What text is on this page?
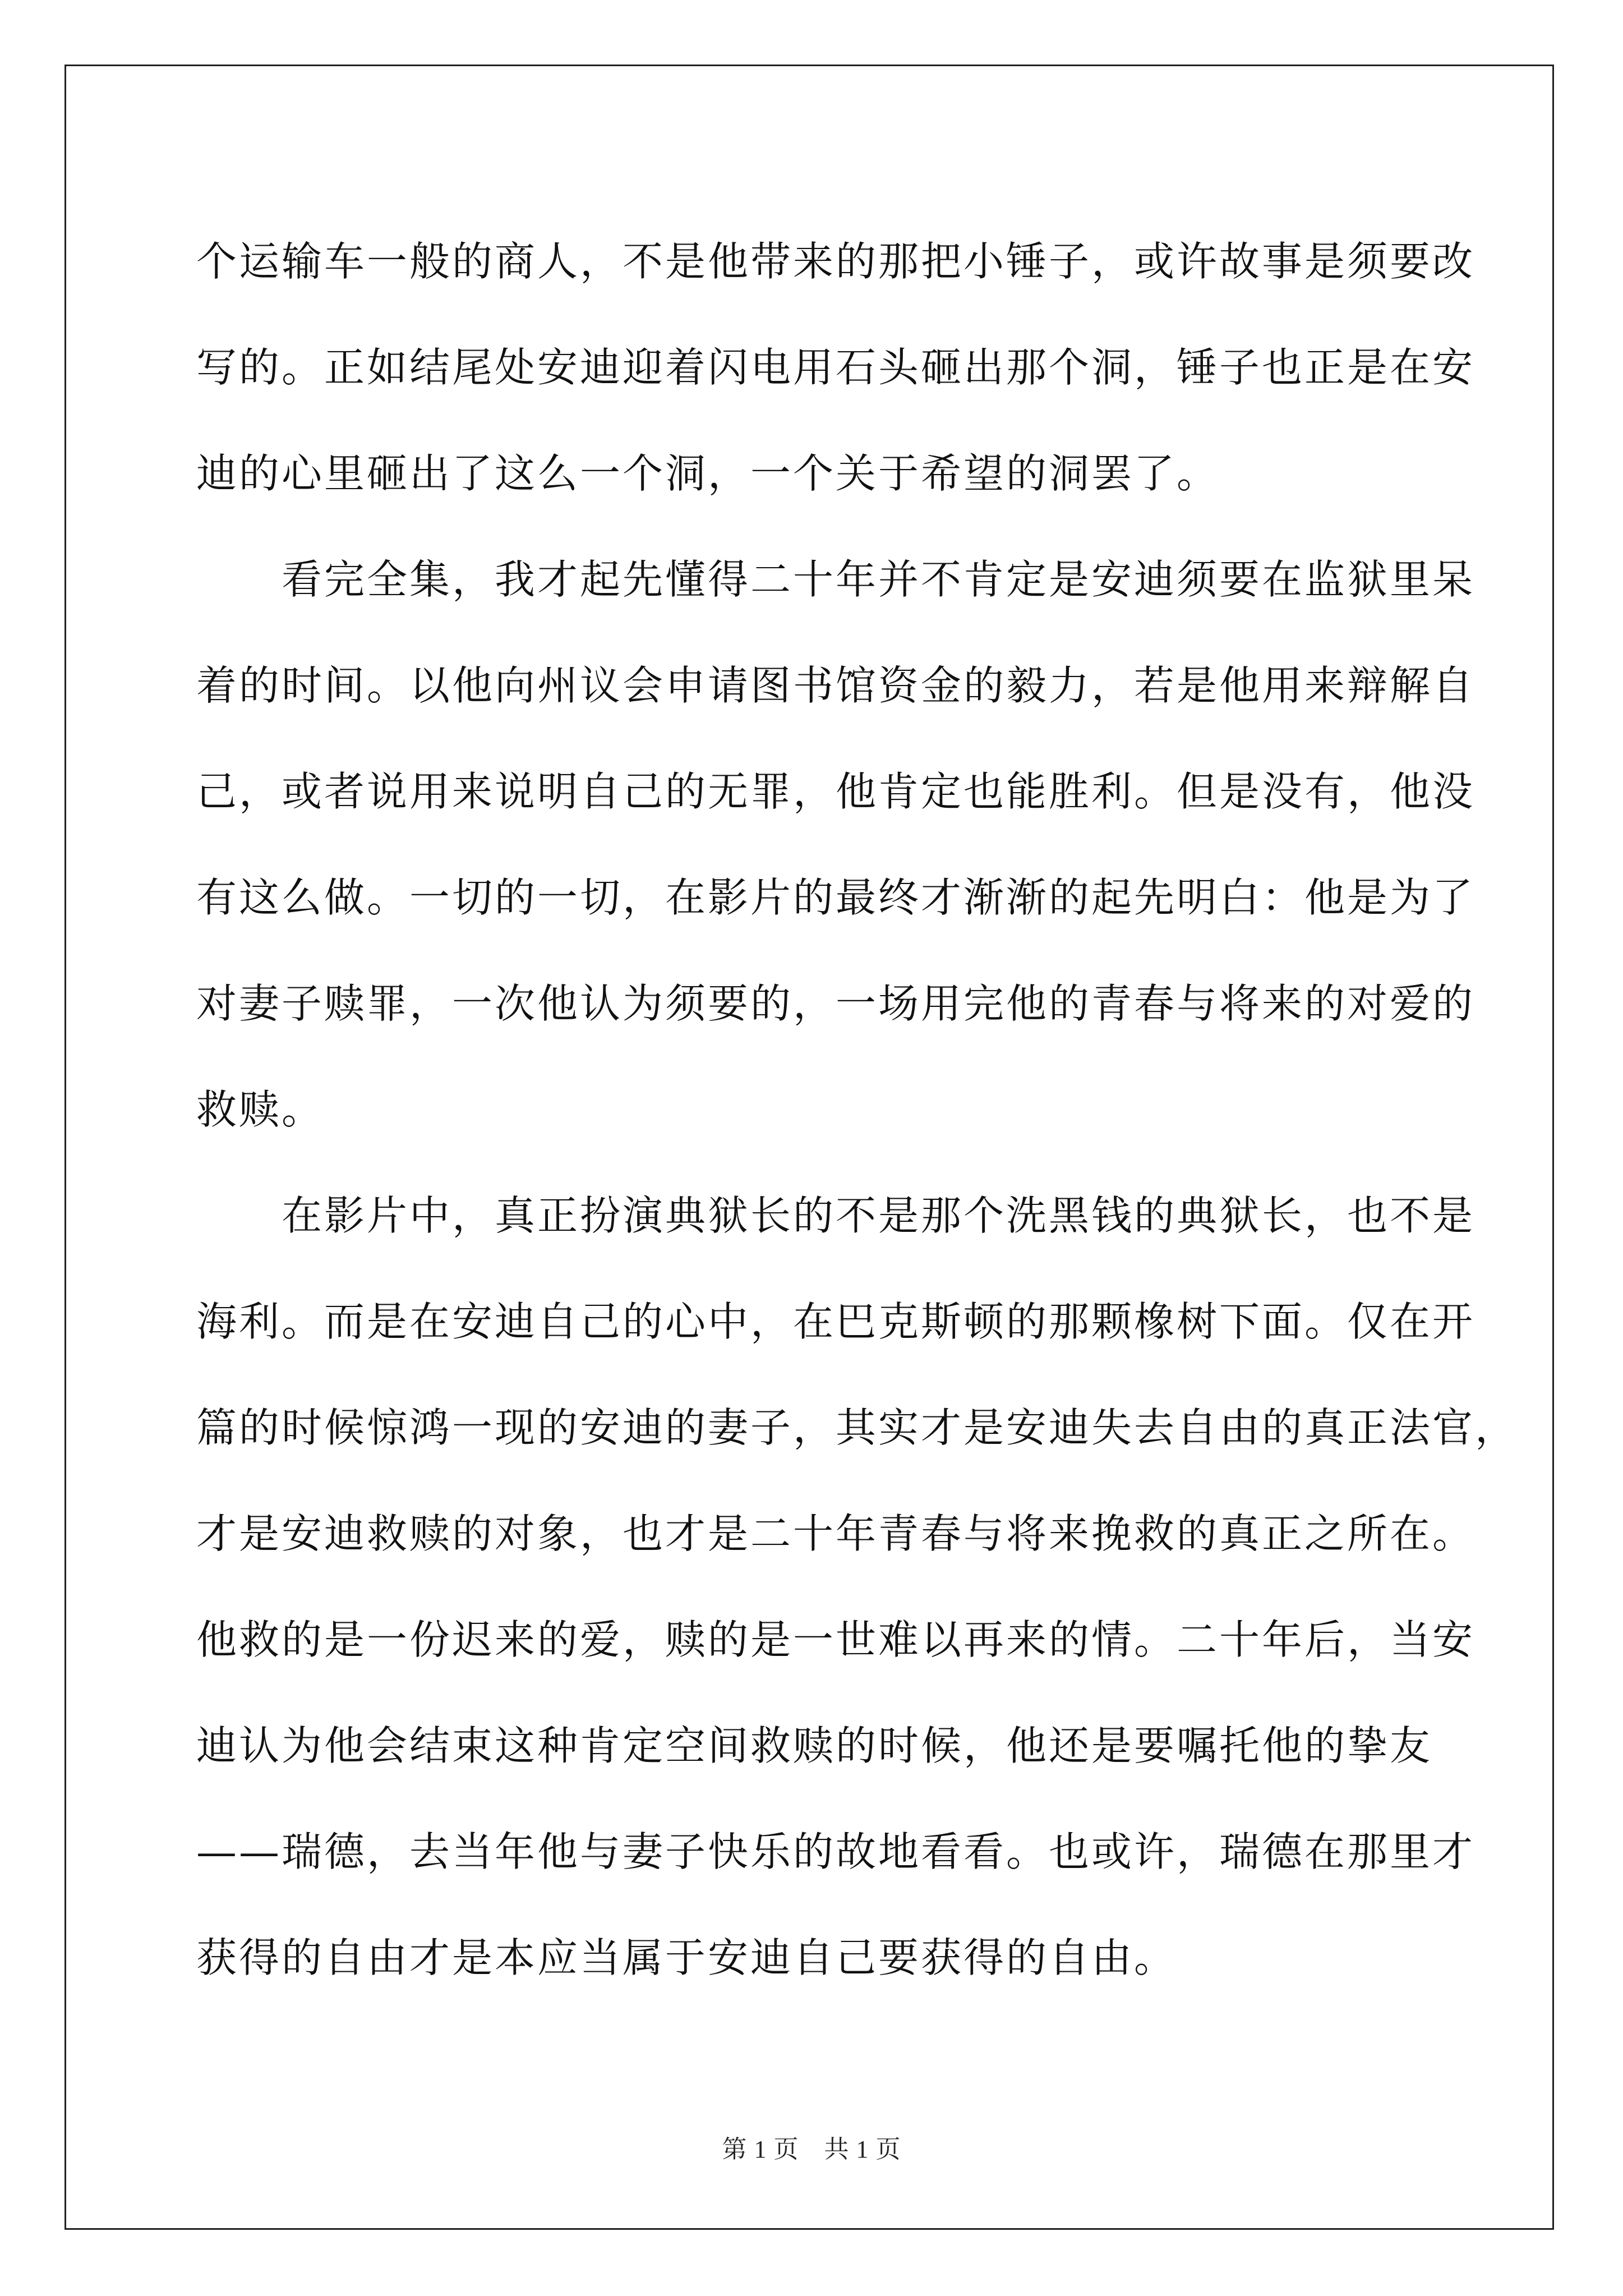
个运输车一般的商人，不是他带来的那把小锤子，或许故事是须要改
写的。正如结尾处安迪迎着闪电用石头砸出那个洞，锤子也正是在安
迪的心里砸出了这么一个洞，一个关于希望的洞罢了。
　　看完全集，我才起先懂得二十年并不肯定是安迪须要在监狱里呆
着的时间。以他向州议会申请图书馆资金的毅力，若是他用来辩解自
己，或者说用来说明自己的无罪，他肯定也能胜利。但是没有，他没
有这么做。一切的一切，在影片的最终才渐渐的起先明白：他是为了
对妻子赎罪，一次他认为须要的，一场用完他的青春与将来的对爱的
救赎。
　　在影片中，真正扮演典狱长的不是那个洗黑钱的典狱长，也不是
海利。而是在安迪自己的心中，在巴克斯顿的那颗橡树下面。仅在开
篇的时候惊鸿一现的安迪的妻子，其实才是安迪失去自由的真正法官，
才是安迪救赎的对象，也才是二十年青春与将来挽救的真正之所在。
他救的是一份迟来的爱，赎的是一世难以再来的情。二十年后，当安
迪认为他会结束这种肯定空间救赎的时候，他还是要嘱托他的挚友
——瑞德，去当年他与妻子快乐的故地看看。也或许，瑞德在那里才
获得的自由才是本应当属于安迪自己要获得的自由。
第 1 页　共 1 页
